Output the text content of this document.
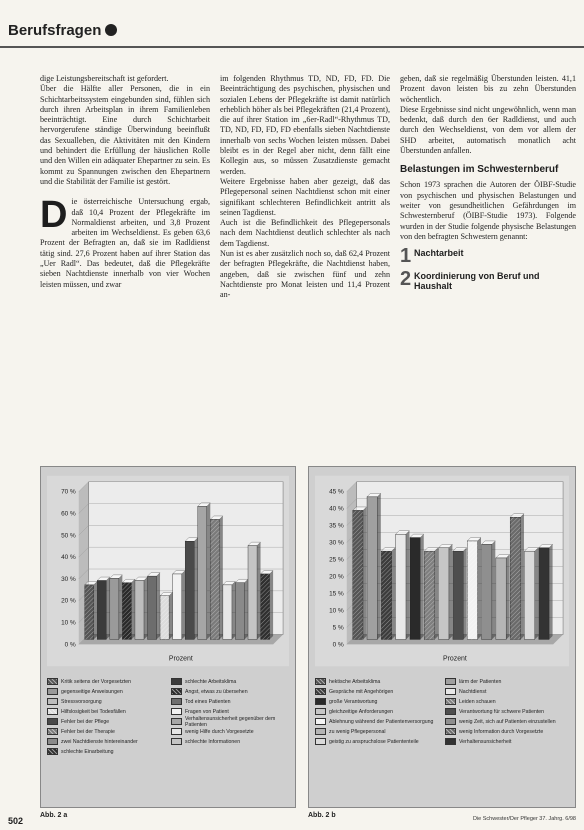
Berufsfragen

dige Leistungsbereitschaft ist gefordert.

Über die Hälfte aller Personen, die in ein Schichtarbeitssystem eingebunden sind, fühlen sich durch ihren Arbeitsplan in ihrem Familienleben beeinträchtigt. Eine durch Schichtarbeit hervorgerufene ständige Überwindung beeinflußt das Sexualleben, die Aktivitäten mit den Kindern und behindert die Erfüllung der häuslichen Rolle und den Willen ein adäquater Ehepartner zu sein. Es kommt zu Spannungen zwischen den Ehepartnern und die Stabilität der Familie ist gestört.

Die österreichische Untersuchung ergab, daß 10,4 Prozent der Pflegekräfte im Normaldienst arbeiten, und 3,8 Prozent arbeiten im Wechseldienst. Es geben 63,6 Prozent der Befragten an, daß sie im Radldienst tätig sind. 27,6 Prozent haben auf ihrer Station das „Uer Radl“. Das bedeutet, daß die Pflegekräfte sieben Nachtdienste innerhalb von vier Wochen leisten müssen, und zwar

im folgenden Rhythmus TD, ND, FD, FD. Die Beeinträchtigung des psychischen, physischen und sozialen Lebens der Pflegekräfte ist damit natürlich erheblich höher als bei Pflegekräften (21,4 Prozent), die auf ihrer Station im „6er-Radl“-Rhythmus TD, TD, ND, FD, FD, FD ebenfalls sieben Nachtdienste innerhalb von sechs Wochen leisten müssen. Dabei bleibt es in der Regel aber nicht, denn fällt eine Kollegin aus, so müssen Zusatzdienste gemacht werden.

Weitere Ergebnisse haben aber gezeigt, daß das Pflegepersonal seinen Nachtdienst schon mit einer signifikant schlechteren Befindlichkeit antritt als seinen Tagdienst.

Auch ist die Befindlichkeit des Pflegepersonals nach dem Nachtdienst deutlich schlechter als nach dem Tagdienst.

Nun ist es aber zusätzlich noch so, daß 62,4 Prozent der befragten Pflegekräfte, die Nachtdienst haben, angeben, daß sie zwischen fünf und zehn Nachtdienste pro Monat leisten und 11,4 Prozent an-

geben, daß sie regelmäßig Überstunden leisten. 41,1 Prozent davon leisten bis zu zehn Überstunden wöchentlich.

Diese Ergebnisse sind nicht ungewöhnlich, wenn man bedenkt, daß durch den 6er Radldienst, und auch durch den Wechseldienst, von dem vor allem der SHD arbeitet, automatisch monatlich acht Überstunden anfallen.

Belastungen im Schwesternberuf

Schon 1973 sprachen die Autoren der ÖIBF-Studie von psychischen und physischen Belastungen und weiter von gesundheitlichen Gefährdungen im Schwesternberuf (ÖIBF-Studie 1973). Folgende wurden in der Studie folgende physische Belastungen von den befragten Schwestern genannt:

1 Nachtarbeit
2 Koordinierung von Beruf und Haushalt
0 %
10 %
20 %
30 %
40 %
50 %
60 %
70 %
Prozent
Kritik seitens der Vorgesetzten	schlechte Arbeitsklima
gegenseitige Anweisungen	Angst, etwas zu übersehen
Stressvorsorgung	Tod eines Patienten
Hilfslosigkeit bei Todesfällen	Fragen von Patient
Fehler bei der Pflege	Verhaltensunsicherheit gegenüber dem Patienten
Fehler bei der Therapie	wenig Hilfe durch Vorgesetzte
zwei Nachtdienste hintereinander	schlechte Informationen
schlechte Einarbeitung
0 %
5 %
10 %
15 %
20 %
25 %
30 %
35 %
40 %
45 %
Prozent
hektische Arbeitsklima	lärm der Patienten
Gespräche mit Angehörigen	Nachtdienst
große Verantwortung	Leiden schauen
gleichzeitige Anforderungen	Verantwortung für schwere Patienten
Ablehnung während der Patientenversorgung	wenig Zeit, sich auf Patienten einzustellen
zu wenig Pflegepersonal	wenig Information durch Vorgesetzte
geistig zu anspruchslose Patiententeile	Verhaltensunsicherheit
Abb. 2 a	Abb. 2 b
502	Die Schwester/Der Pfleger 37. Jahrg. 6/98
